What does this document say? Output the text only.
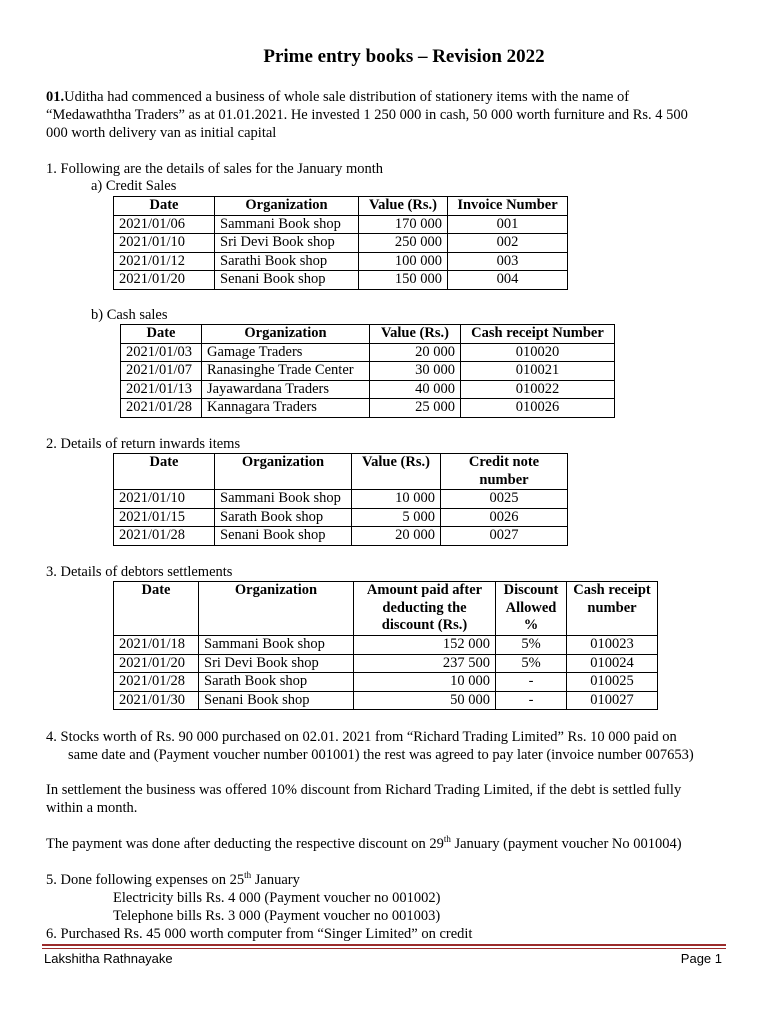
Prime entry books – Revision 2022
01.Uditha had commenced a business of whole sale distribution of stationery items with the name of
“Medawaththa Traders” as at 01.01.2021. He invested 1 250 000 in cash, 50 000 worth furniture and Rs. 4 500
000 worth delivery van as initial capital
1. Following are the details of sales for the January month
a) Credit Sales
Date	Organization	Value (Rs.)	Invoice Number
2021/01/06	Sammani Book shop	170 000	001
2021/01/10	Sri Devi Book shop	250 000	002
2021/01/12	Sarathi Book shop	100 000	003
2021/01/20	Senani Book shop	150 000	004
b) Cash sales
Date	Organization	Value (Rs.)	Cash receipt Number
2021/01/03	Gamage Traders	20 000	010020
2021/01/07	Ranasinghe Trade Center	30 000	010021
2021/01/13	Jayawardana Traders	40 000	010022
2021/01/28	Kannagara Traders	25 000	010026
2. Details of return inwards items
Date	Organization	Value (Rs.)	Credit note
number
2021/01/10	Sammani Book shop	10 000	0025
2021/01/15	Sarath Book shop	5 000	0026
2021/01/28	Senani Book shop	20 000	0027
3. Details of debtors settlements
Date	Organization	Amount paid after
deducting the
discount (Rs.)	Discount
Allowed
%	Cash receipt
number
2021/01/18	Sammani Book shop	152 000	5%	010023
2021/01/20	Sri Devi Book shop	237 500	5%	010024
2021/01/28	Sarath Book shop	10 000	-	010025
2021/01/30	Senani Book shop	50 000	-	010027
4. Stocks worth of Rs. 90 000 purchased on 02.01. 2021 from “Richard Trading Limited” Rs. 10 000 paid on
same date and (Payment voucher number 001001) the rest was agreed to pay later (invoice number 007653)
In settlement the business was offered 10% discount from Richard Trading Limited, if the debt is settled fully
within a month.
The payment was done after deducting the respective discount on 29th January (payment voucher No 001004)
5. Done following expenses on 25th January
Electricity bills Rs. 4 000 (Payment voucher no 001002)
Telephone bills Rs. 3 000 (Payment voucher no 001003)
6. Purchased Rs. 45 000 worth computer from “Singer Limited” on credit
Lakshitha Rathnayake	Page 1
